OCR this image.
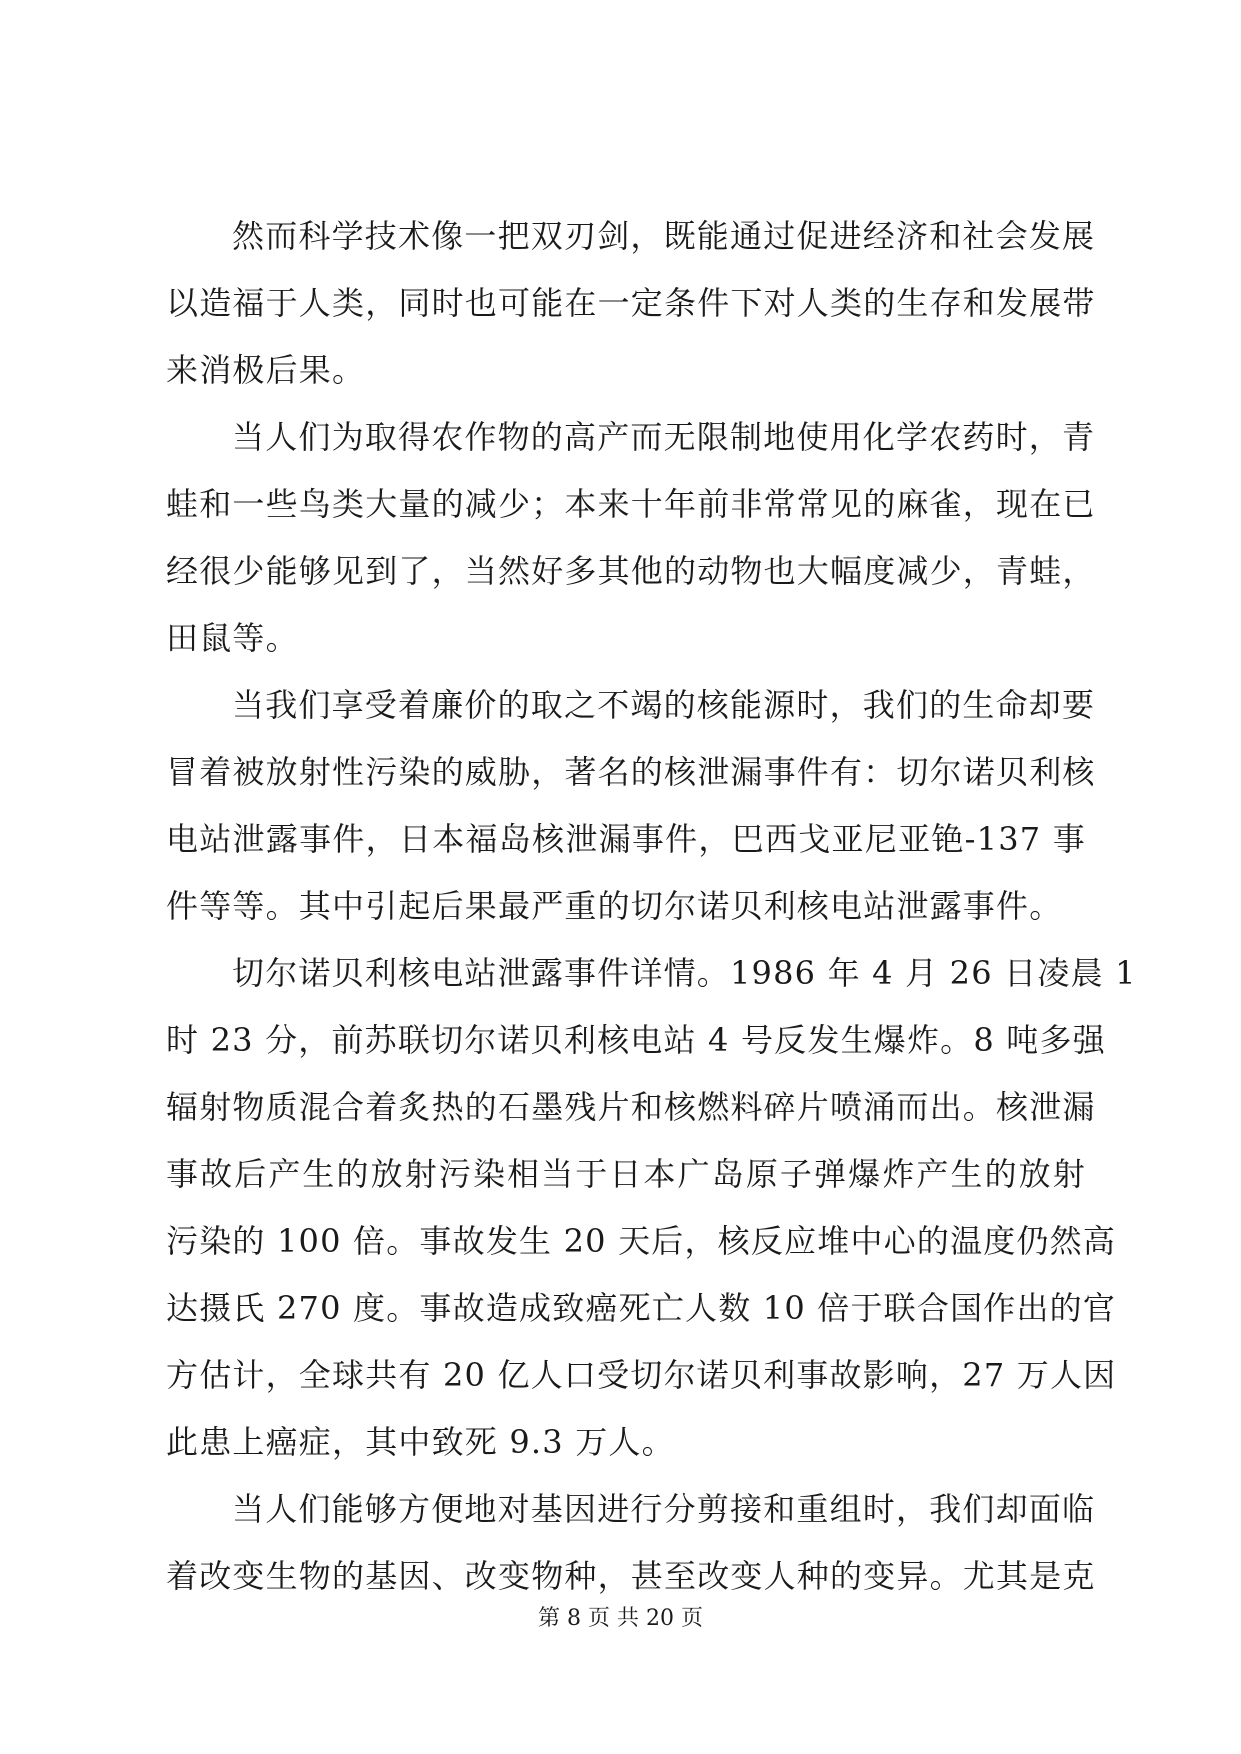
然而科学技术像一把双刃剑，既能通过促进经济和社会发展
以造福于人类，同时也可能在一定条件下对人类的生存和发展带
来消极后果。
当人们为取得农作物的高产而无限制地使用化学农药时，青
蛙和一些鸟类大量的减少；本来十年前非常常见的麻雀，现在已
经很少能够见到了，当然好多其他的动物也大幅度减少，青蛙，
田鼠等。
当我们享受着廉价的取之不竭的核能源时，我们的生命却要
冒着被放射性污染的威胁，著名的核泄漏事件有：切尔诺贝利核
电站泄露事件，日本福岛核泄漏事件，巴西戈亚尼亚铯-137 事
件等等。其中引起后果最严重的切尔诺贝利核电站泄露事件。
切尔诺贝利核电站泄露事件详情。1986 年 4 月 26 日凌晨 1
时 23 分，前苏联切尔诺贝利核电站 4 号反发生爆炸。8 吨多强
辐射物质混合着炙热的石墨残片和核燃料碎片喷涌而出。核泄漏
事故后产生的放射污染相当于日本广岛原子弹爆炸产生的放射
污染的 100 倍。事故发生 20 天后，核反应堆中心的温度仍然高
达摄氏 270 度。事故造成致癌死亡人数 10 倍于联合国作出的官
方估计，全球共有 20 亿人口受切尔诺贝利事故影响，27 万人因
此患上癌症，其中致死 9.3 万人。
当人们能够方便地对基因进行分剪接和重组时，我们却面临
着改变生物的基因、改变物种，甚至改变人种的变异。尤其是克
第 8 页 共 20 页
